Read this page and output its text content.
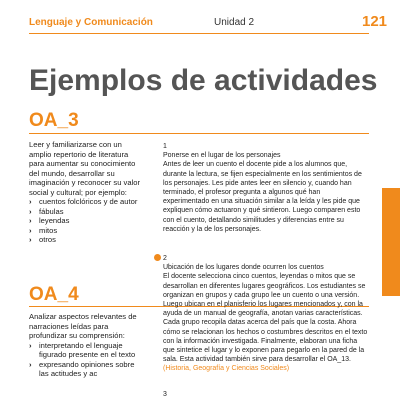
Lenguaje y Comunicación	Unidad 2	121
Ejemplos de actividades
OA_3
Leer y familiarizarse con un amplio repertorio de literatura para aumentar su conocimiento del mundo, desarrollar su imaginación y reconocer su valor social y cultural; por ejemplo:
› cuentos folclóricos y de autor
› fábulas
› leyendas
› mitos
› otros
OA_4
Analizar aspectos relevantes de narraciones leídas para profundizar su comprensión:
› interpretando el lenguaje figurado presente en el texto
› expresando opiniones sobre las actitudes y ac
1
Ponerse en el lugar de los personajes
Antes de leer un cuento el docente pide a los alumnos que, durante la lectura, se fijen especialmente en los sentimientos de los personajes. Les pide antes leer en silencio y, cuando han terminado, el profesor pregunta a algunos qué han experimentado en una situación similar a la leída y les pide que expliquen cómo actuaron y qué sintieron. Luego comparen esto con el cuento, detallando similitudes y diferencias entre su reacción y la de los personajes.
2
Ubicación de los lugares donde ocurren los cuentos
El docente selecciona cinco cuentos, leyendas o mitos que se desarrollan en diferentes lugares geográficos. Los estudiantes se organizan en grupos y cada grupo lee un cuento o una versión. Luego ubican en el planisferio los lugares mencionados y, con la ayuda de un manual de geografía, anotan varias características. Cada grupo recopila datas acerca del país que la costa. Ahora cómo se relacionan los hechos o costumbres descritos en el texto con la información investigada. Finalmente, elaboran una ficha que sintetice el lugar y lo exponen para pegarlo en la pared de la sala. Esta actividad también sirve para desarrollar el OA_13.
(Historia, Geografía y Ciencias Sociales)
3
